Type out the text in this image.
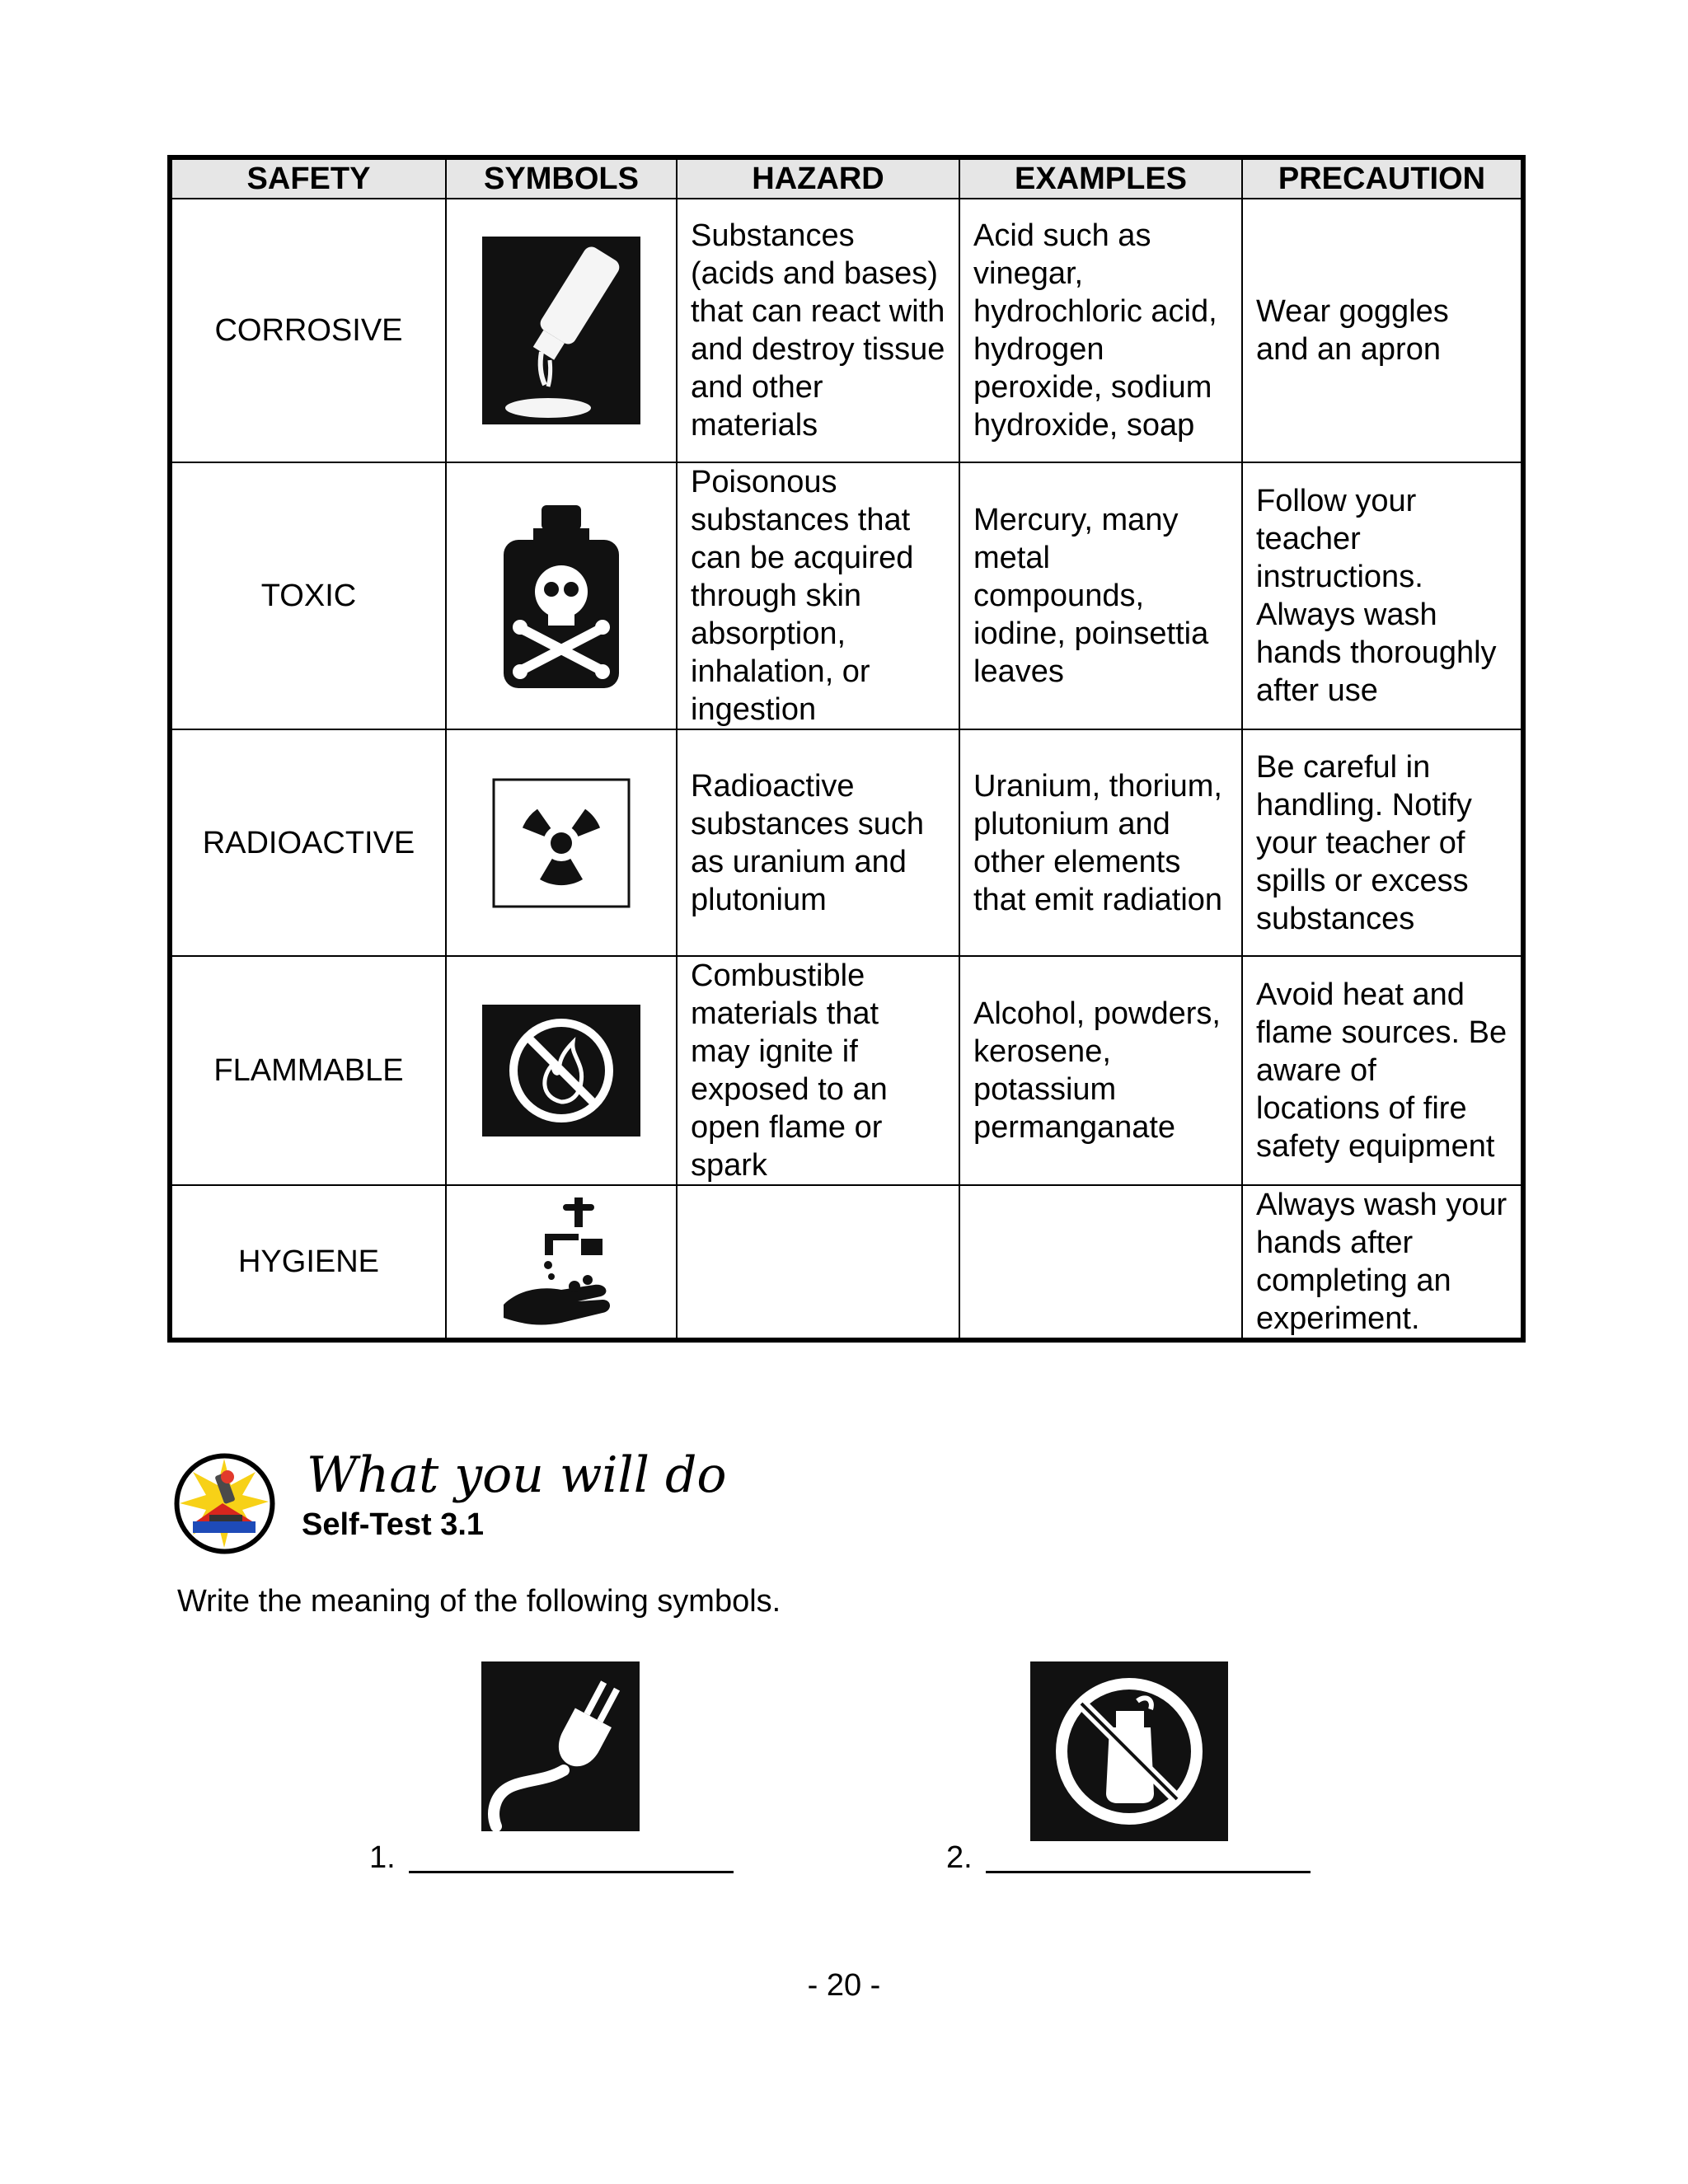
SAFETY	SYMBOLS	HAZARD	EXAMPLES	PRECAUTION
CORROSIVE		Substances (acids and bases) that can react with and destroy tissue and other materials	Acid such as vinegar, hydrochloric acid, hydrogen peroxide, sodium hydroxide, soap	Wear goggles and an apron
TOXIC		Poisonous substances that can be acquired through skin absorption, inhalation, or ingestion	Mercury, many metal compounds, iodine, poinsettia leaves	Follow your teacher instructions. Always wash hands thoroughly after use
RADIOACTIVE		Radioactive substances such as uranium and plutonium	Uranium, thorium, plutonium and other elements that emit radiation	Be careful in handling. Notify your teacher of spills or excess substances
FLAMMABLE		Combustible materials that may ignite if exposed to an open flame or spark	Alcohol, powders, kerosene, potassium permanganate	Avoid heat and flame sources. Be aware of locations of fire safety equipment
HYGIENE				Always wash your hands after completing an experiment.
What you will do
Self-Test 3.1
Write the meaning of the following symbols.
1.	2.
- 20 -
